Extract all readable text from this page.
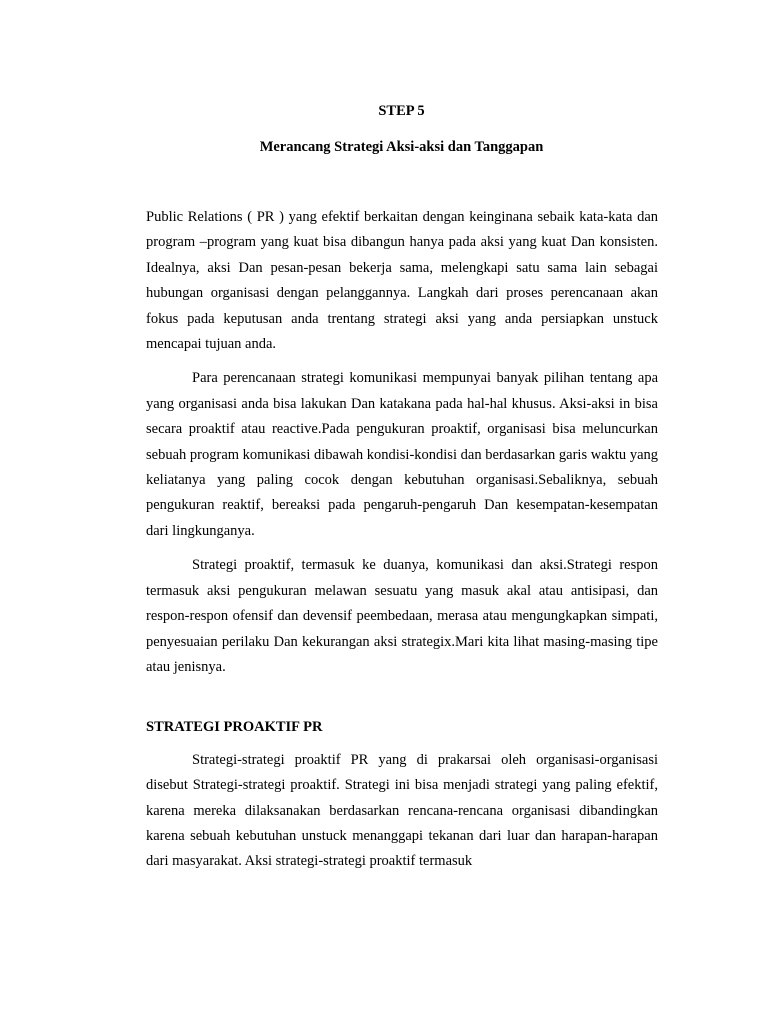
STEP 5
Merancang Strategi Aksi-aksi dan Tanggapan

Public Relations ( PR ) yang efektif berkaitan dengan keinginana sebaik kata-kata dan program –program yang kuat bisa dibangun hanya pada aksi yang kuat Dan konsisten. Idealnya, aksi Dan pesan-pesan bekerja sama, melengkapi satu sama lain sebagai hubungan organisasi dengan pelanggannya. Langkah dari proses perencanaan akan fokus pada keputusan anda trentang strategi aksi yang anda persiapkan unstuck mencapai tujuan anda.

Para perencanaan strategi komunikasi mempunyai banyak pilihan tentang apa yang organisasi anda bisa lakukan Dan katakana pada hal-hal khusus. Aksi-aksi in bisa secara proaktif atau reactive.Pada pengukuran proaktif, organisasi bisa meluncurkan sebuah program komunikasi dibawah kondisi-kondisi dan berdasarkan garis waktu yang keliatanya yang paling cocok dengan kebutuhan organisasi.Sebaliknya, sebuah pengukuran reaktif, bereaksi pada pengaruh-pengaruh Dan kesempatan-kesempatan dari lingkunganya.

Strategi proaktif, termasuk ke duanya, komunikasi dan aksi.Strategi respon termasuk aksi pengukuran melawan sesuatu yang masuk akal atau antisipasi, dan respon-respon ofensif dan devensif peembedaan, merasa atau mengungkapkan simpati, penyesuaian perilaku Dan kekurangan aksi strategix.Mari kita lihat masing-masing tipe atau jenisnya.

STRATEGI PROAKTIF PR

Strategi-strategi proaktif PR yang di prakarsai oleh organisasi-organisasi disebut Strategi-strategi proaktif. Strategi ini bisa menjadi strategi yang paling efektif, karena mereka dilaksanakan berdasarkan rencana-rencana organisasi dibandingkan karena sebuah kebutuhan unstuck menanggapi tekanan dari luar dan harapan-harapan dari masyarakat. Aksi strategi-strategi proaktif termasuk
